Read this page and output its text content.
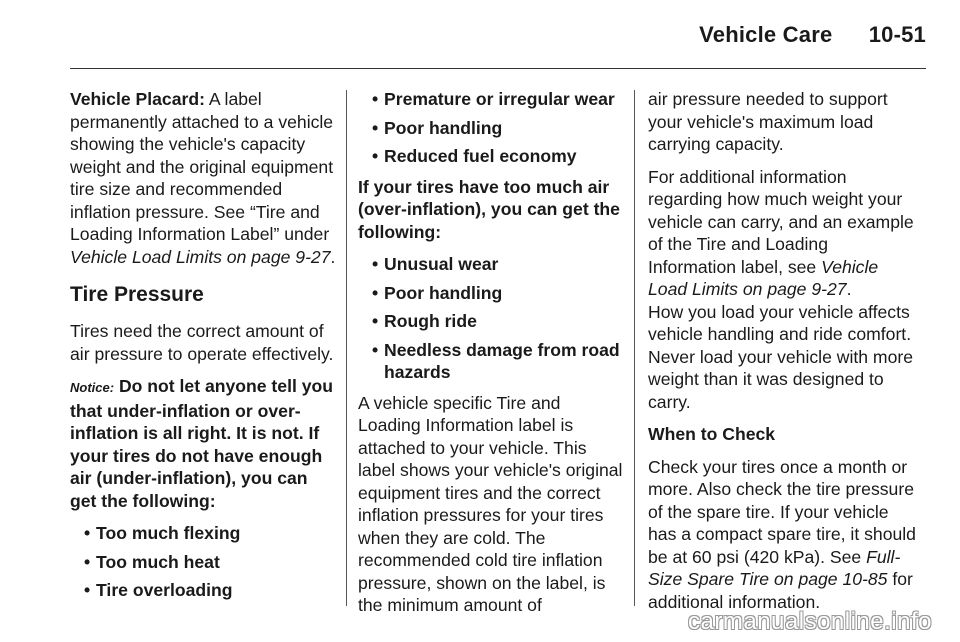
Vehicle Care 10-51

Vehicle Placard: A label permanently attached to a vehicle showing the vehicle's capacity weight and the original equipment tire size and recommended inflation pressure. See “Tire and Loading Information Label” under Vehicle Load Limits on page 9-27.

Tire Pressure

Tires need the correct amount of air pressure to operate effectively.

Notice: Do not let anyone tell you that under-inflation or over-inflation is all right. It is not. If your tires do not have enough air (under-inflation), you can get the following:

• Too much flexing
• Too much heat
• Tire overloading
• Premature or irregular wear
• Poor handling
• Reduced fuel economy

If your tires have too much air (over-inflation), you can get the following:

• Unusual wear
• Poor handling
• Rough ride
• Needless damage from road hazards

A vehicle specific Tire and Loading Information label is attached to your vehicle. This label shows your vehicle's original equipment tires and the correct inflation pressures for your tires when they are cold. The recommended cold tire inflation pressure, shown on the label, is the minimum amount of

air pressure needed to support your vehicle's maximum load carrying capacity.

For additional information regarding how much weight your vehicle can carry, and an example of the Tire and Loading Information label, see Vehicle Load Limits on page 9-27.

How you load your vehicle affects vehicle handling and ride comfort. Never load your vehicle with more weight than it was designed to carry.

When to Check

Check your tires once a month or more. Also check the tire pressure of the spare tire. If your vehicle has a compact spare tire, it should be at 60 psi (420 kPa). See Full-Size Spare Tire on page 10-85 for additional information.

carmanualsonline.info
